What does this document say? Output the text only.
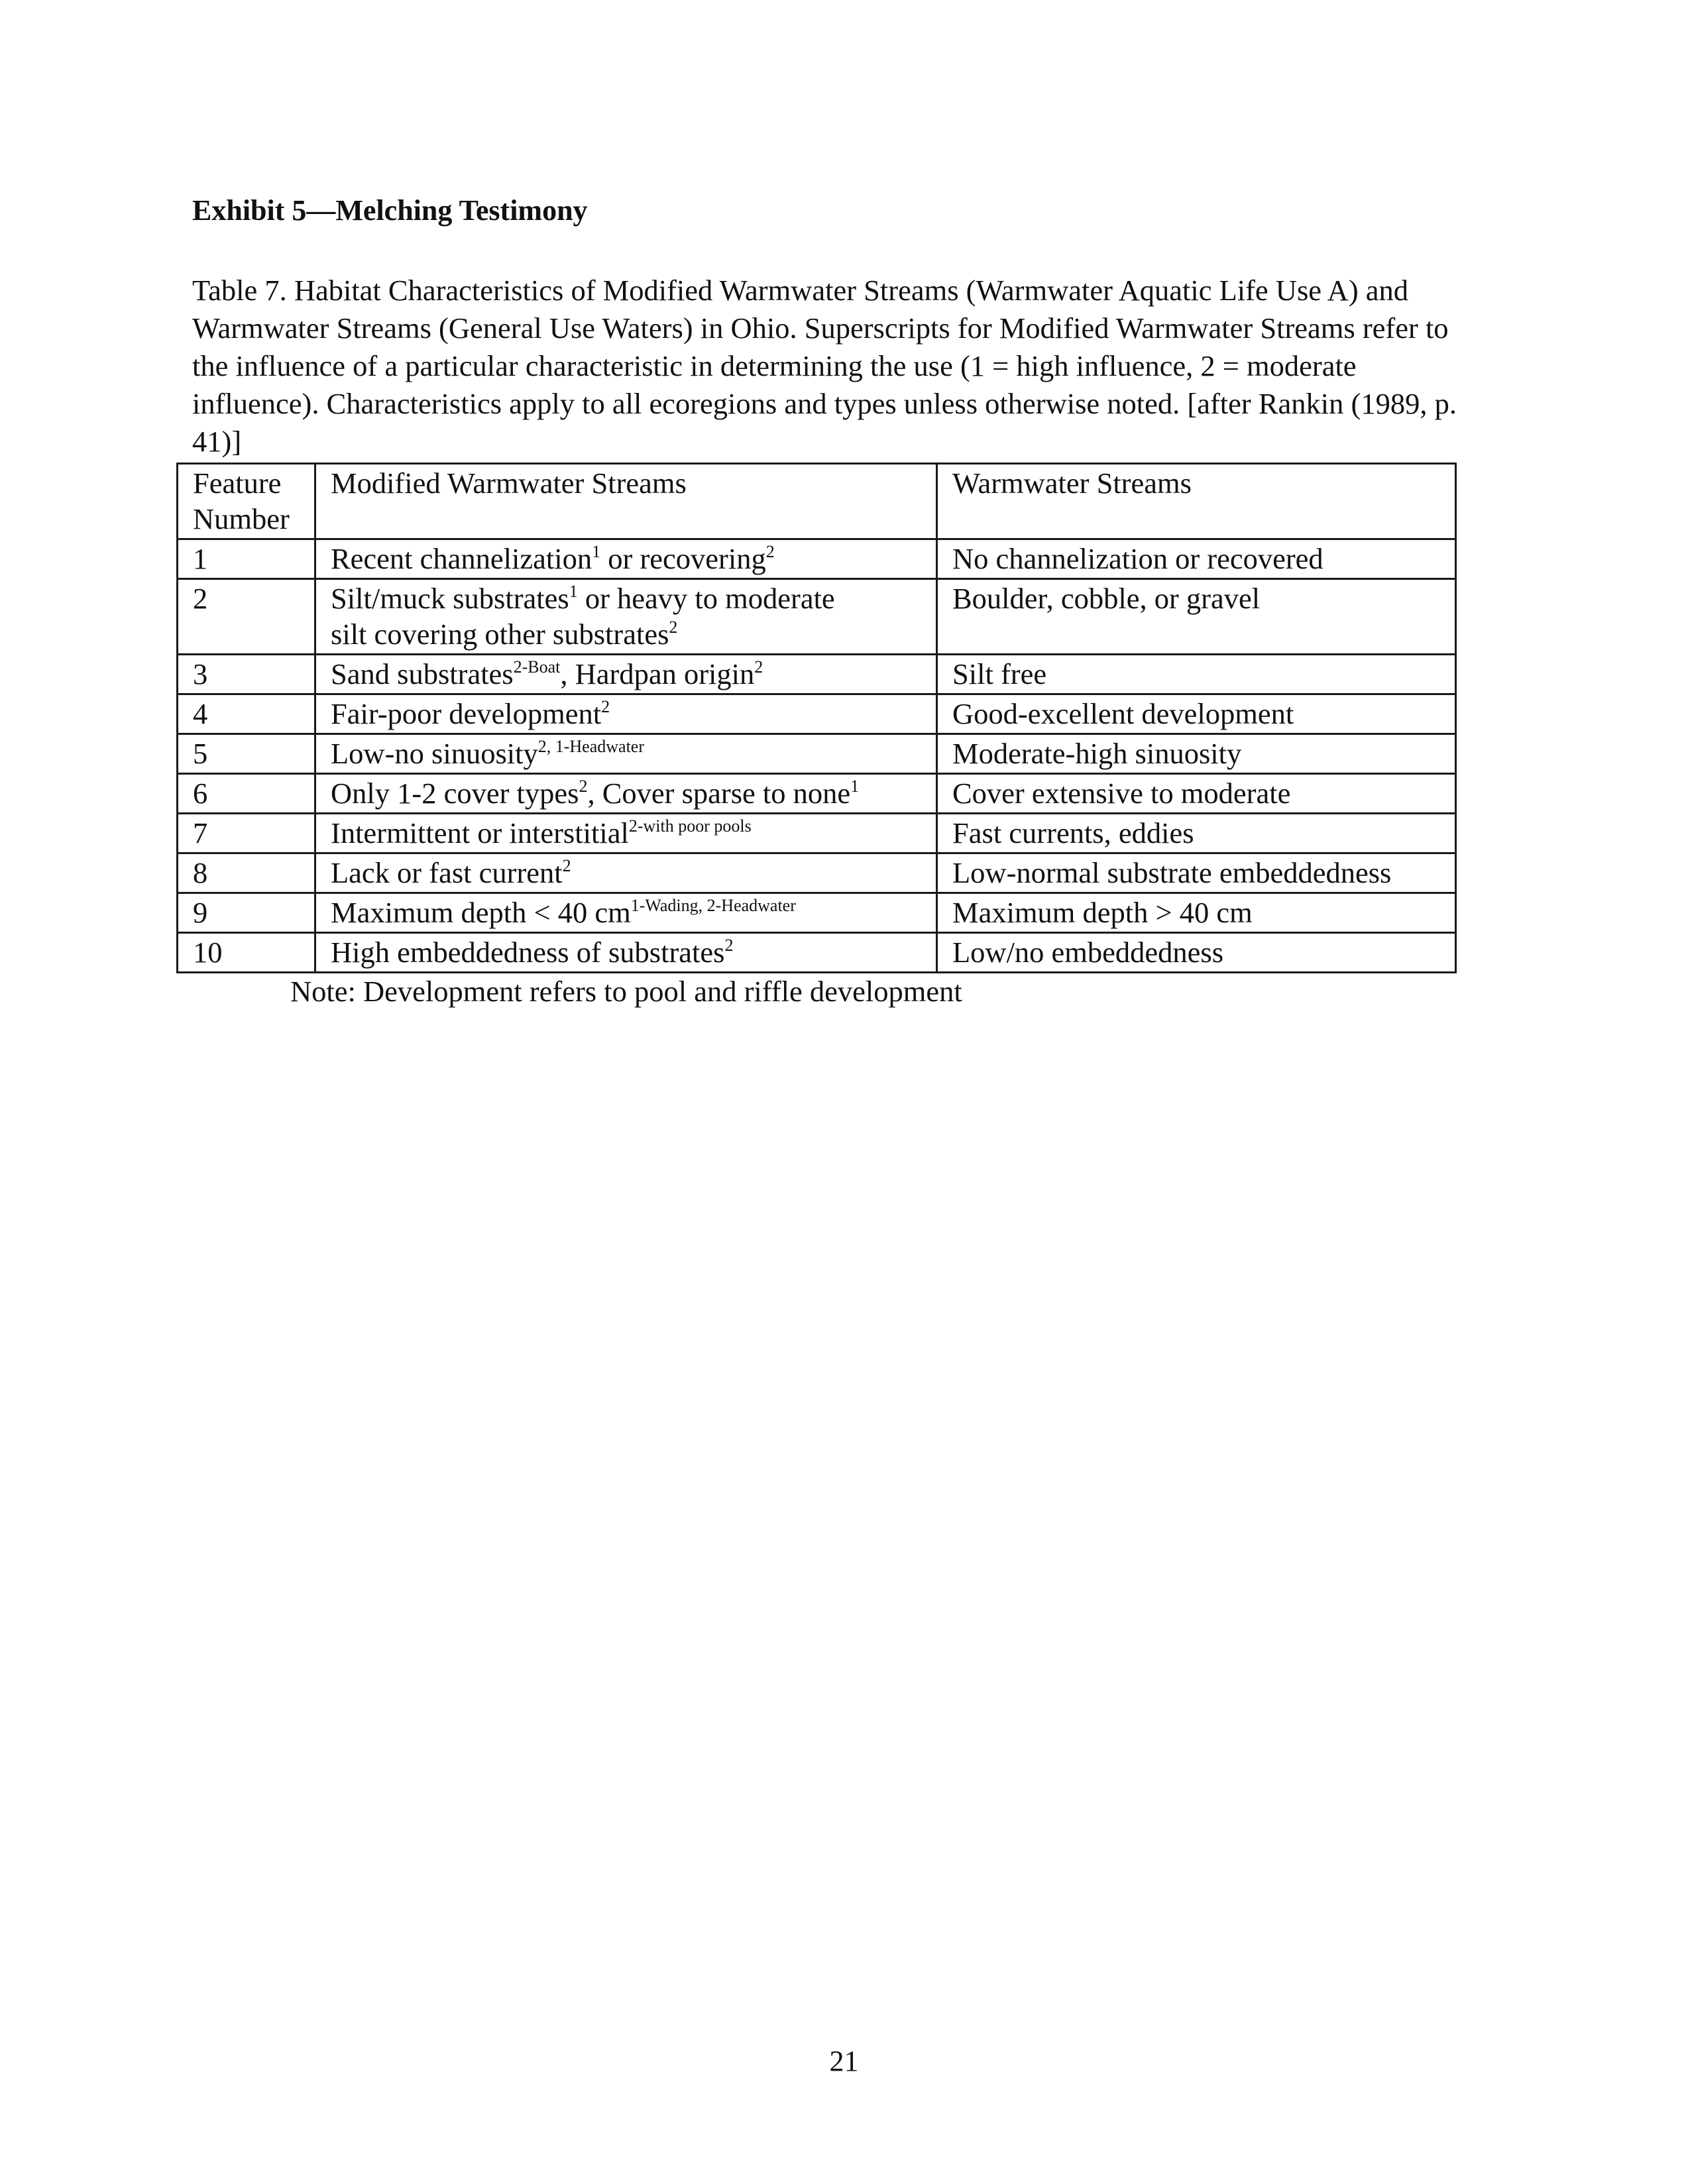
Exhibit 5—Melching Testimony

Table 7. Habitat Characteristics of Modified Warmwater Streams (Warmwater Aquatic Life Use A) and Warmwater Streams (General Use Waters) in Ohio. Superscripts for Modified Warmwater Streams refer to the influence of a particular characteristic in determining the use (1 = high influence, 2 = moderate influence). Characteristics apply to all ecoregions and types unless otherwise noted. [after Rankin (1989, p. 41)]

Feature
Number	Modified Warmwater Streams	Warmwater Streams
1	Recent channelization$^1$ or recovering$^2$	No channelization or recovered
2	Silt/muck substrates$^1$ or heavy to moderate
silt covering other substrates$^2$	Boulder, cobble, or gravel
3	Sand substrates$^{2-Boat}$, Hardpan origin$^2$	Silt free
4	Fair-poor development$^2$	Good-excellent development
5	Low-no sinuosity$^{2, 1-Headwater}$	Moderate-high sinuosity
6	Only 1-2 cover types$^2$, Cover sparse to none$^1$	Cover extensive to moderate
7	Intermittent or interstitial$^{2-with poor pools}$	Fast currents, eddies
8	Lack or fast current$^2$	Low-normal substrate embeddedness
9	Maximum depth < 40 $cm^{1-Wading, 2-Headwater}$	Maximum depth > 40 cm
10	High embeddedness of substrates$^2$	Low/no embeddedness

Note: Development refers to pool and riffle development

21
